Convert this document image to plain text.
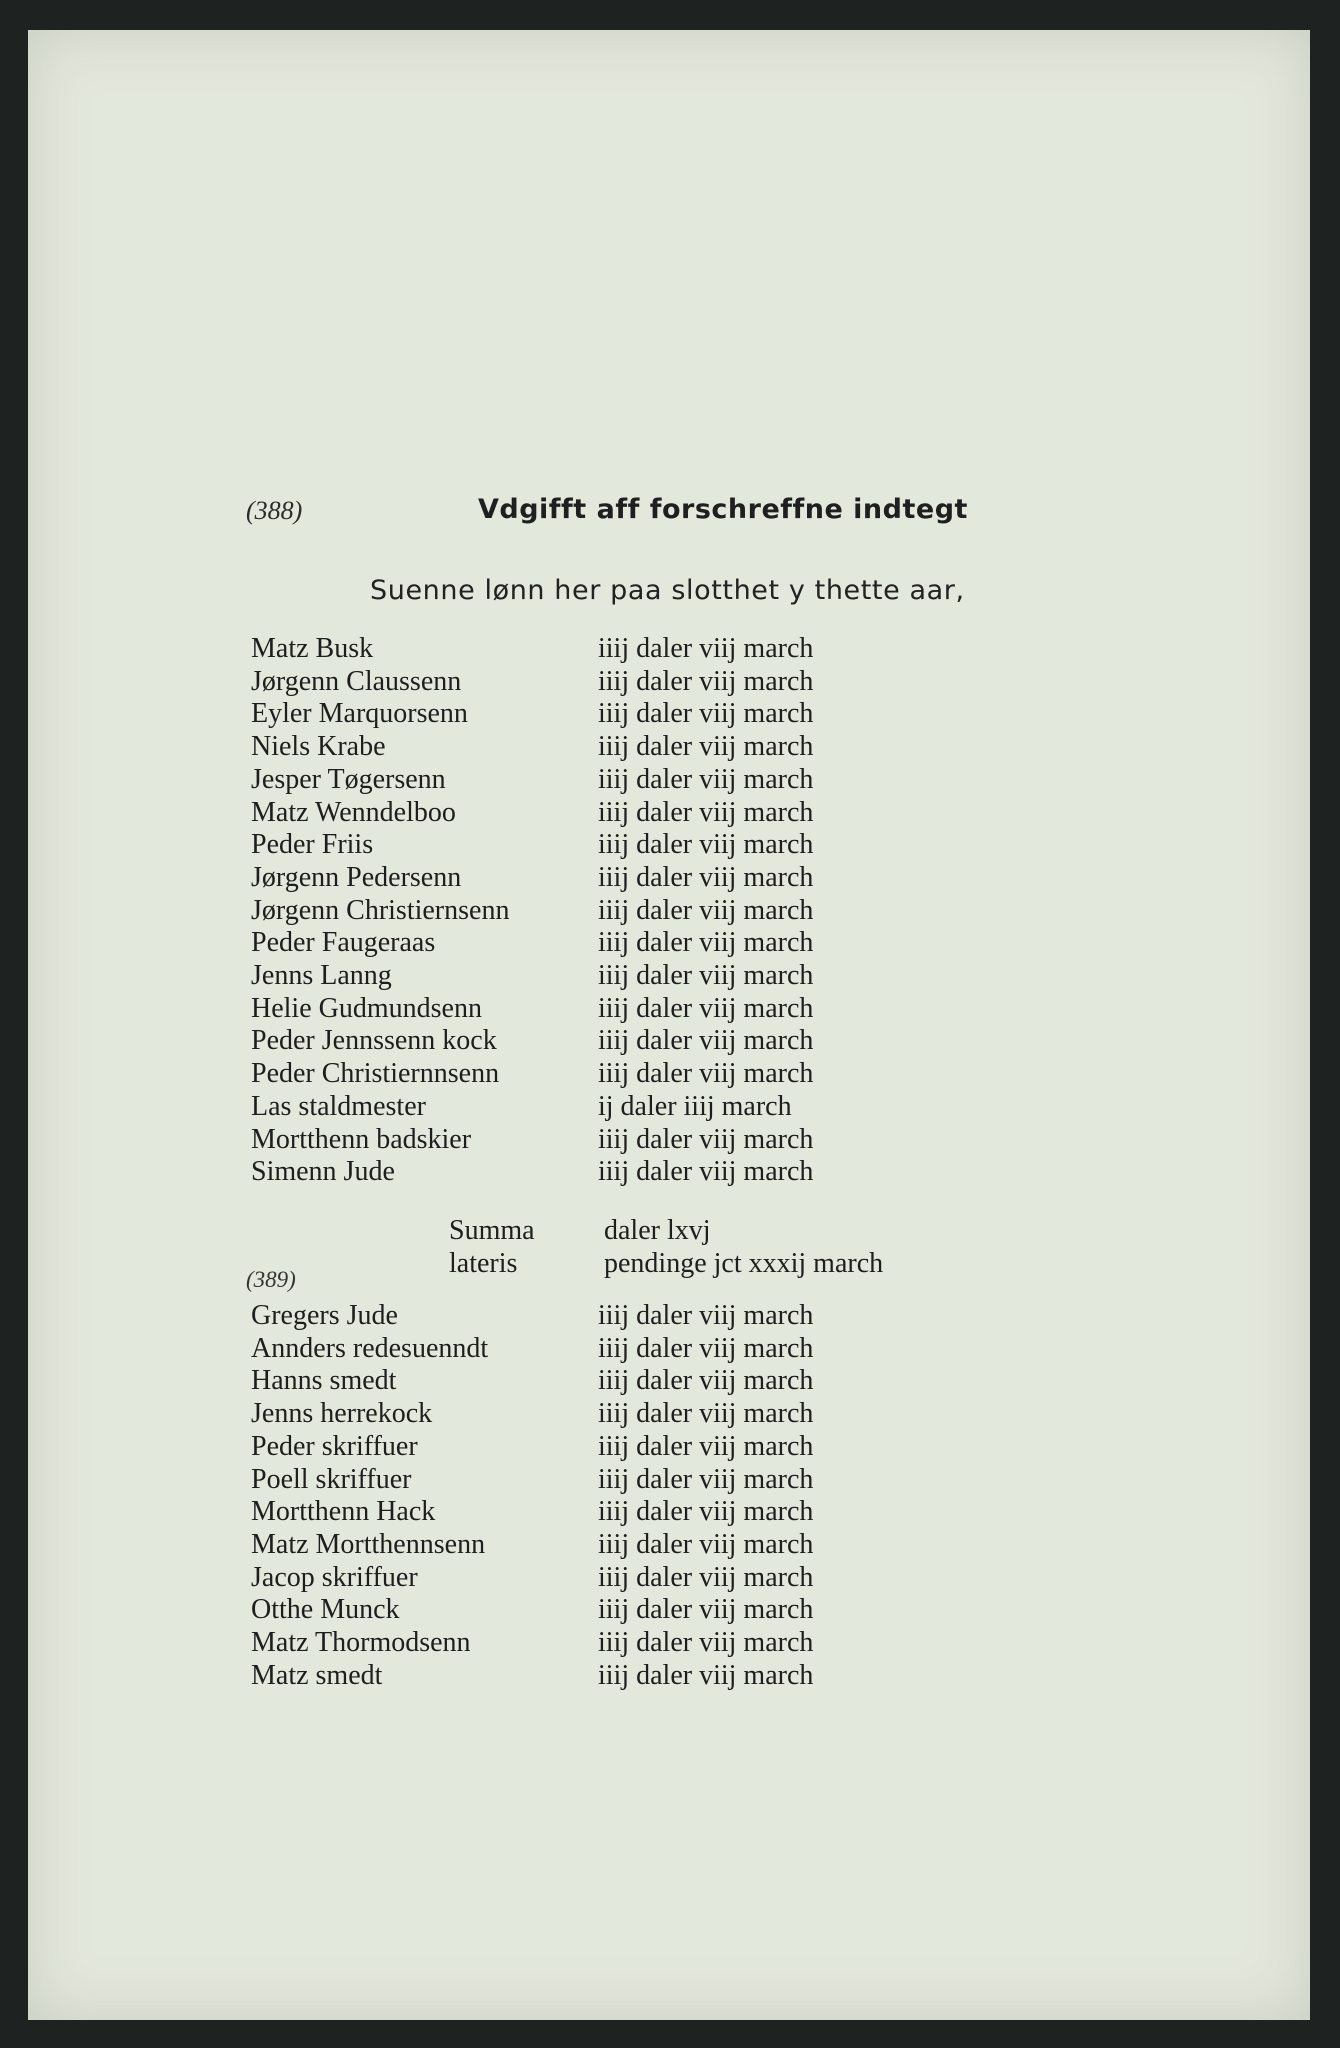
(388)	Vdgifft aff forschreffne indtegt
Suenne lønn her paa slotthet y thette aar,
Matz Busk	iiij daler viij march
Jørgenn Claussenn	iiij daler viij march
Eyler Marquorsenn	iiij daler viij march
Niels Krabe	iiij daler viij march
Jesper Tøgersenn	iiij daler viij march
Matz Wenndelboo	iiij daler viij march
Peder Friis	iiij daler viij march
Jørgenn Pedersenn	iiij daler viij march
Jørgenn Christiernsenn	iiij daler viij march
Peder Faugeraas	iiij daler viij march
Jenns Lanng	iiij daler viij march
Helie Gudmundsenn	iiij daler viij march
Peder Jennssenn kock	iiij daler viij march
Peder Christiernnsenn	iiij daler viij march
Las staldmester	ij daler iiij march
Mortthenn badskier	iiij daler viij march
Simenn Jude	iiij daler viij march
Summa daler lxvj
lateris	pendinge jct xxxij march
(389)
Gregers Jude	iiij daler viij march
Annders redesuenndt	iiij daler viij march
Hanns smedt	iiij daler viij march
Jenns herrekock	iiij daler viij march
Peder skriffuer	iiij daler viij march
Poell skriffuer	iiij daler viij march
Mortthenn Hack	iiij daler viij march
Matz Mortthennsenn	iiij daler viij march
Jacop skriffuer	iiij daler viij march
Otthe Munck	iiij daler viij march
Matz Thormodsenn	iiij daler viij march
Matz smedt	iiij daler viij march
